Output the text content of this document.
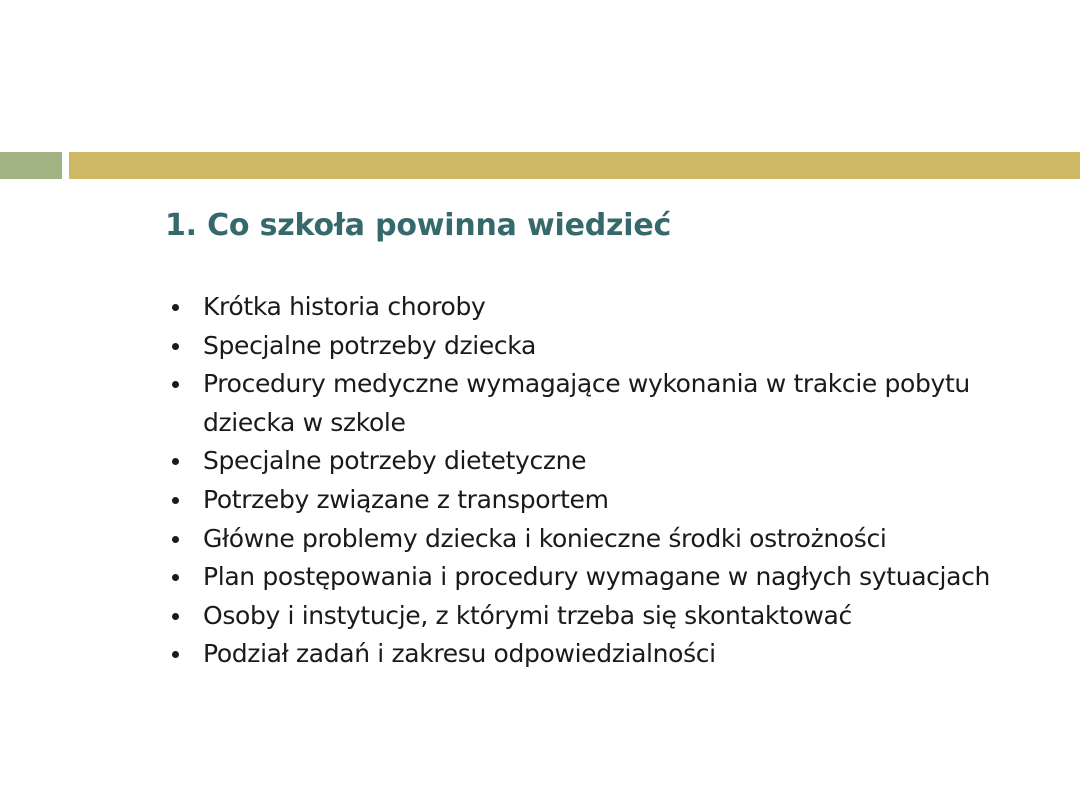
1. Co szkoła powinna wiedzieć
Krótka historia choroby
Specjalne potrzeby dziecka
Procedury medyczne wymagające wykonania w trakcie pobytu dziecka w szkole
Specjalne potrzeby dietetyczne
Potrzeby związane z transportem
Główne problemy dziecka i konieczne środki ostrożności
Plan postępowania i procedury wymagane w nagłych sytuacjach
Osoby i instytucje, z którymi trzeba się skontaktować
Podział zadań i zakresu odpowiedzialności
